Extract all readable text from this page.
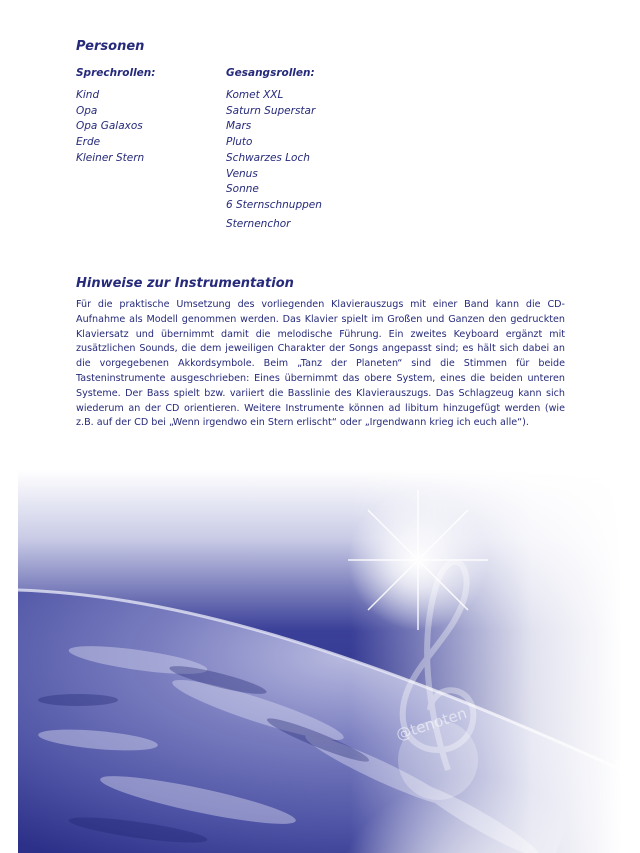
Personen
Sprechrollen:
Kind
Opa
Opa Galaxos
Erde
Kleiner Stern
Gesangsrollen:
Komet XXL
Saturn Superstar
Mars
Pluto
Schwarzes Loch
Venus
Sonne
6 Sternschnuppen

Sternenchor

Hinweise zur Instrumentation

Für die praktische Umsetzung des vorliegenden Klavierauszugs mit einer Band kann die CD-Aufnahme als Modell genommen werden. Das Klavier spielt im Großen und Ganzen den gedruckten Klaviersatz und übernimmt damit die melodische Führung. Ein zweites Keyboard ergänzt mit zusätzlichen Sounds, die dem jeweiligen Charakter der Songs angepasst sind; es hält sich dabei an die vorgegebenen Akkordsymbole. Beim „Tanz der Planeten“ sind die Stimmen für beide Tasteninstrumente ausgeschrieben: Eines übernimmt das obere System, eines die beiden unteren Systeme. Der Bass spielt bzw. variiert die Basslinie des Klavierauszugs. Das Schlagzeug kann sich wiederum an der CD orientieren. Weitere Instrumente können ad libitum hinzugefügt werden (wie z.B. auf der CD bei „Wenn irgendwo ein Stern erlischt“ oder „Irgendwann krieg ich euch alle“).

@tenoten
